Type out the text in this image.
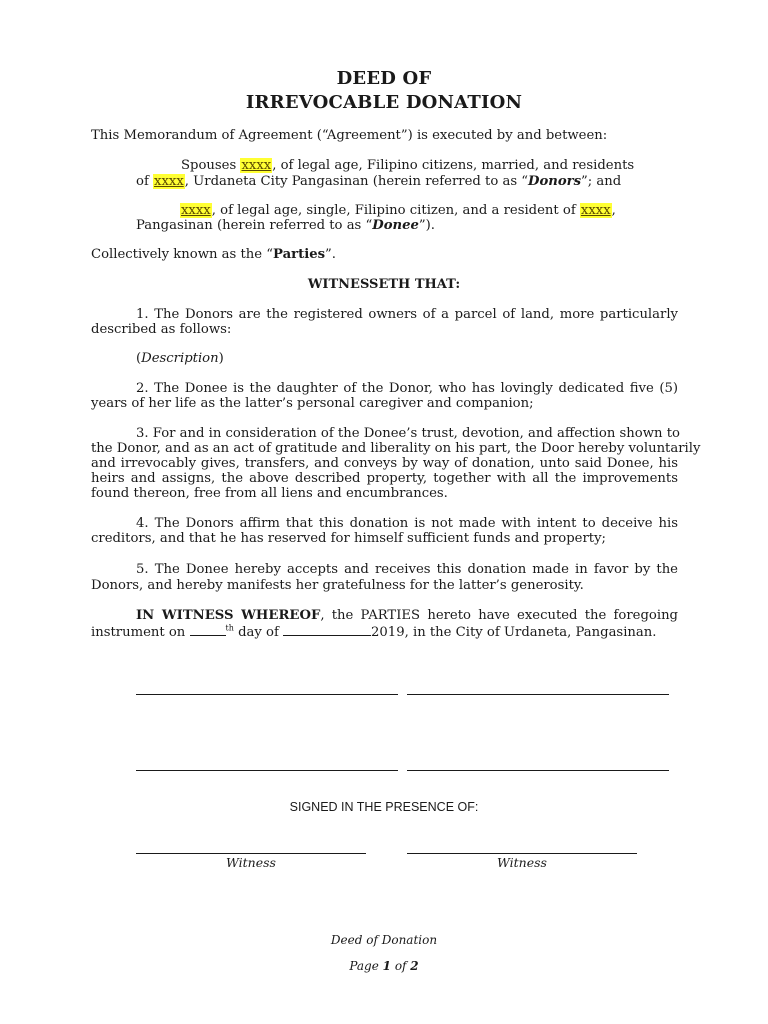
DEED OF
IRREVOCABLE DONATION
This Memorandum of Agreement (“Agreement”) is executed by and between:
Spouses xxxx, of legal age, Filipino citizens, married, and residents
of xxxx, Urdaneta City Pangasinan (herein referred to as “Donors”; and
xxxx, of legal age, single, Filipino citizen, and a resident of xxxx,
Pangasinan (herein referred to as “Donee”).
Collectively known as the “Parties”.
WITNESSETH THAT:
1. The Donors are the registered owners of a parcel of land, more particularly
described as follows:
(Description)
2. The Donee is the daughter of the Donor, who has lovingly dedicated five (5)
years of her life as the latter’s personal caregiver and companion;
3. For and in consideration of the Donee’s trust, devotion, and affection shown to
the Donor, and as an act of gratitude and liberality on his part, the Door hereby voluntarily
and irrevocably gives, transfers, and conveys by way of donation, unto said Donee, his
heirs and assigns, the above described property, together with all the improvements
found thereon, free from all liens and encumbrances.
4. The Donors affirm that this donation is not made with intent to deceive his
creditors, and that he has reserved for himself sufficient funds and property;
5. The Donee hereby accepts and receives this donation made in favor by the
Donors, and hereby manifests her gratefulness for the latter’s generosity.
IN WITNESS WHEREOF, the PARTIES hereto have executed the foregoing
instrument on	$^{th}$ day of	2019, in the City of Urdaneta, Pangasinan.
SIGNED IN THE PRESENCE OF:
Witness	Witness
Deed of Donation
Page 1 of 2
